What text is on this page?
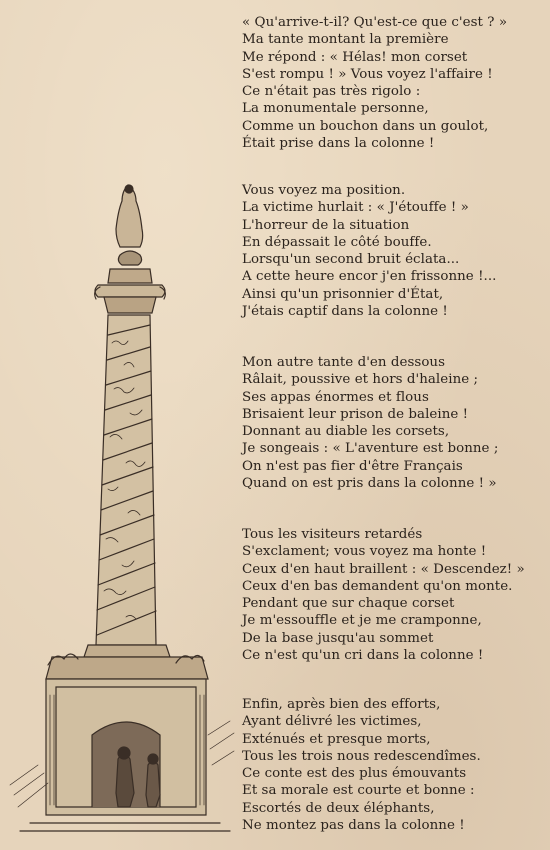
« Qu'arrive-t-il? Qu'est-ce que c'est ? »
Ma tante montant la première
Me répond : « Hélas! mon corset
S'est rompu ! » Vous voyez l'affaire !
Ce n'était pas très rigolo :
La monumentale personne,
Comme un bouchon dans un goulot,
Était prise dans la colonne !
Vous voyez ma position.
La victime hurlait : « J'étouffe ! »
L'horreur de la situation
En dépassait le côté bouffe.
Lorsqu'un second bruit éclata...
A cette heure encor j'en frissonne !...
Ainsi qu'un prisonnier d'État,
J'étais captif dans la colonne !
Mon autre tante d'en dessous
Râlait, poussive et hors d'haleine ;
Ses appas énormes et flous
Brisaient leur prison de baleine !
Donnant au diable les corsets,
Je songeais : « L'aventure est bonne ;
On n'est pas fier d'être Français
Quand on est pris dans la colonne ! »
Tous les visiteurs retardés
S'exclament; vous voyez ma honte !
Ceux d'en haut braillent : « Descendez! »
Ceux d'en bas demandent qu'on monte.
Pendant que sur chaque corset
Je m'essouffle et je me cramponne,
De la base jusqu'au sommet
Ce n'est qu'un cri dans la colonne !
Enfin, après bien des efforts,
Ayant délivré les victimes,
Exténués et presque morts,
Tous les trois nous redescendîmes.
Ce conte est des plus émouvants
Et sa morale est courte et bonne :
Escortés de deux éléphants,
Ne montez pas dans la colonne !
